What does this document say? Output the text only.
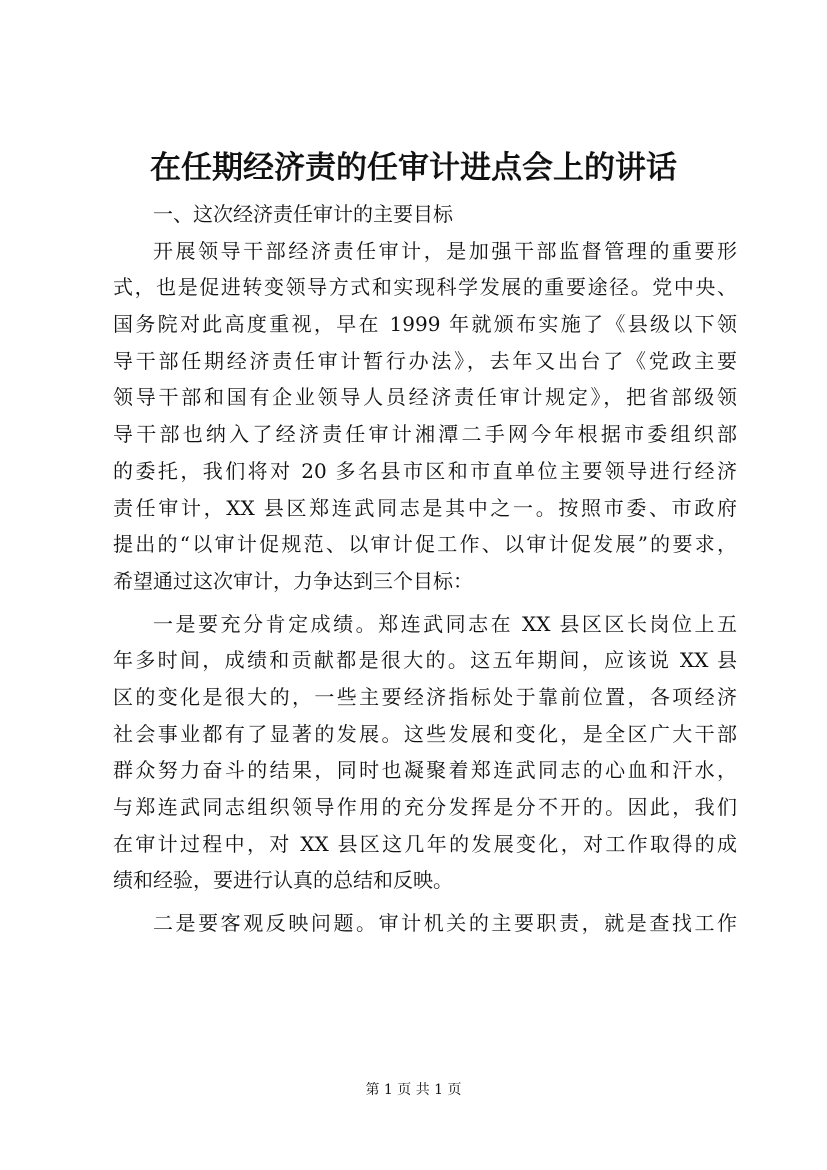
在任期经济责的任审计进点会上的讲话
一、这次经济责任审计的主要目标
开展领导干部经济责任审计，是加强干部监督管理的重要形
式，也是促进转变领导方式和实现科学发展的重要途径。党中央、
国务院对此高度重视，早在 1999 年就颁布实施了《县级以下领
导干部任期经济责任审计暂行办法》，去年又出台了《党政主要
领导干部和国有企业领导人员经济责任审计规定》，把省部级领
导干部也纳入了经济责任审计湘潭二手网今年根据市委组织部
的委托，我们将对 20 多名县市区和市直单位主要领导进行经济
责任审计，XX 县区郑连武同志是其中之一。按照市委、市政府
提出的“以审计促规范、以审计促工作、以审计促发展”的要求，
希望通过这次审计，力争达到三个目标：
一是要充分肯定成绩。郑连武同志在 XX 县区区长岗位上五
年多时间，成绩和贡献都是很大的。这五年期间，应该说 XX 县
区的变化是很大的，一些主要经济指标处于靠前位置，各项经济
社会事业都有了显著的发展。这些发展和变化，是全区广大干部
群众努力奋斗的结果，同时也凝聚着郑连武同志的心血和汗水，
与郑连武同志组织领导作用的充分发挥是分不开的。因此，我们
在审计过程中，对 XX 县区这几年的发展变化，对工作取得的成
绩和经验，要进行认真的总结和反映。
二是要客观反映问题。审计机关的主要职责，就是查找工作
第 1 页 共 1 页
